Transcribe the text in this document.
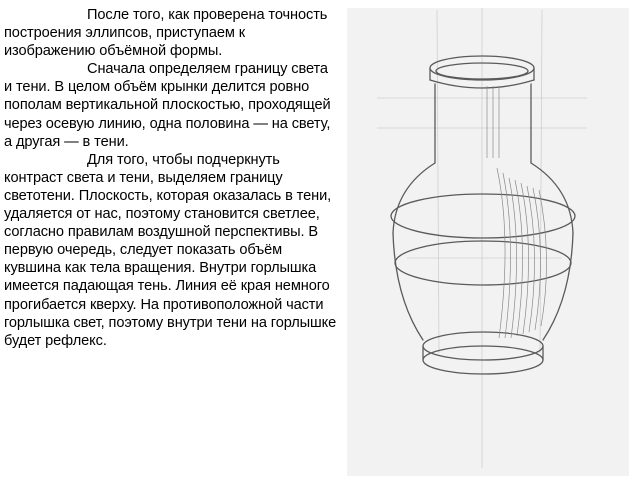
После того, как проверена точность построения эллипсов, приступаем к изображению объёмной формы.

Сначала определяем границу света и тени. В целом объём крынки делится ровно пополам вертикальной плоскостью, проходящей через осевую линию, одна половина — на свету, а другая — в тени.

Для того, чтобы подчеркнуть контраст света и тени, выделяем границу светотени. Плоскость, которая оказалась в тени, удаляется от нас, поэтому становится светлее, согласно правилам воздушной перспективы. В первую очередь, следует показать объём кувшина как тела вращения. Внутри горлышка имеется падающая тень. Линия её края немного прогибается кверху. На противоположной части горлышка свет, поэтому внутри тени на горлышке будет рефлекс.
